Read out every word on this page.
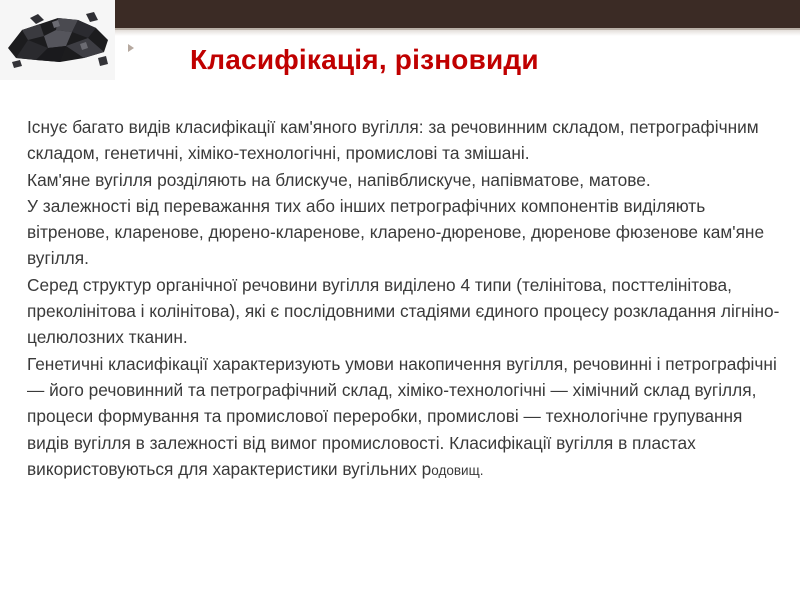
Класифікація, різновиди

Існує багато видів класифікації кам'яного вугілля: за речовинним складом, петрографічним складом, генетичні, хіміко-технологічні, промислові та змішані.

Кам'яне вугілля розділяють на блискуче, напівблискуче, напівматове, матове.

У залежності від переважання тих або інших петрографічних компонентів виділяють вітренове, кларенове, дюрено-кларенове, кларено-дюренове, дюренове фюзенове кам'яне вугілля.

Серед структур органічної речовини вугілля виділено 4 типи (телінітова, посттелінітова, преколінітова і колінітова), які є послідовними стадіями єдиного процесу розкладання лігніно-целюлозних тканин.

Генетичні класифікації характеризують умови накопичення вугілля, речовинні і петрографічні — його речовинний та петрографічний склад, хіміко-технологічні — хімічний склад вугілля, процеси формування та промислової переробки, промислові — технологічне групування видів вугілля в залежності від вимог промисловості. Класифікації вугілля в пластах використовуються для характеристики вугільних родовищ.
